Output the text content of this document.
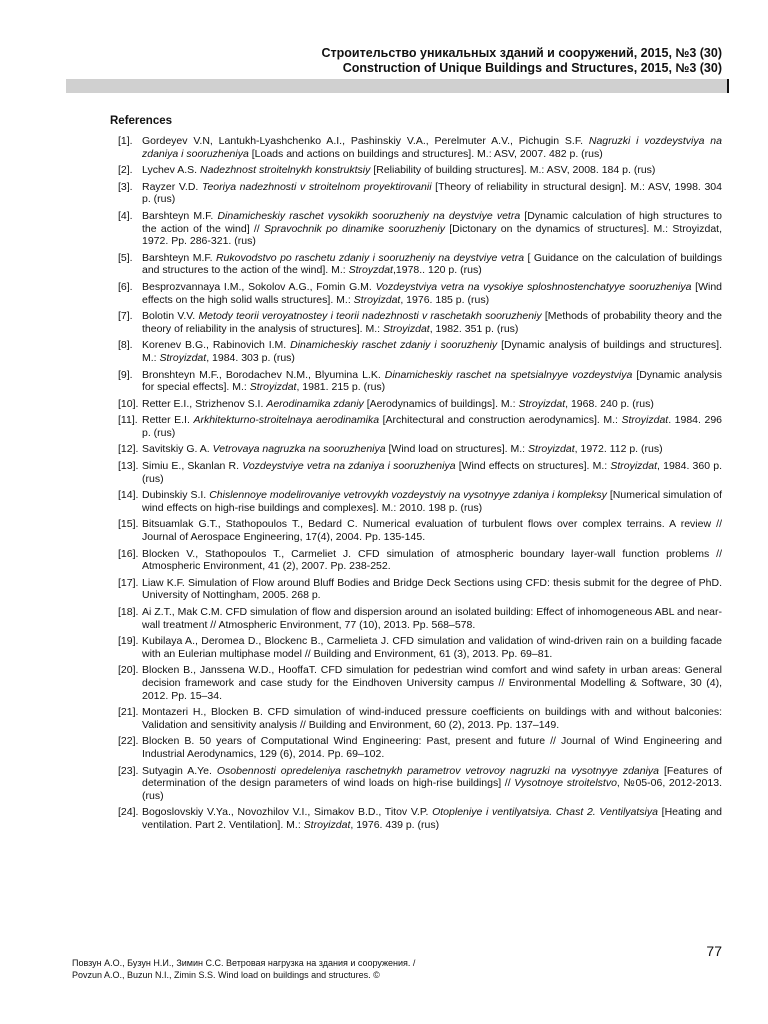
Строительство уникальных зданий и сооружений, 2015, №3 (30)
Construction of Unique Buildings and Structures, 2015, №3 (30)
References
[1]. Gordeyev V.N, Lantukh-Lyashchenko A.I., Pashinskiy V.A., Perelmuter A.V., Pichugin S.F. Nagruzki i vozdeystviya na zdaniya i sooruzheniya [Loads and actions on buildings and structures]. M.: ASV, 2007. 482 p. (rus)
[2]. Lychev A.S. Nadezhnost stroitelnykh konstruktsiy [Reliability of building structures]. M.: ASV, 2008. 184 p. (rus)
[3]. Rayzer V.D. Teoriya nadezhnosti v stroitelnom proyektirovanii [Theory of reliability in structural design]. M.: ASV, 1998. 304 p. (rus)
[4]. Barshteyn M.F. Dinamicheskiy raschet vysokikh sooruzheniy na deystviye vetra [Dynamic calculation of high structures to the action of the wind] // Spravochnik po dinamike sooruzheniy [Dictonary on the dynamics of structures]. M.: Stroyizdat, 1972. Pp. 286-321. (rus)
[5]. Barshteyn M.F. Rukovodstvo po raschetu zdaniy i sooruzheniy na deystviye vetra [ Guidance on the calculation of buildings and structures to the action of the wind]. M.: Stroyzdat,1978.. 120 p. (rus)
[6]. Besprozvannaya I.M., Sokolov A.G., Fomin G.M. Vozdeystviya vetra na vysokiye sploshnostenchatyye sooruzheniya [Wind effects on the high solid walls structures]. M.: Stroyizdat, 1976. 185 p. (rus)
[7]. Bolotin V.V. Metody teorii veroyatnostey i teorii nadezhnosti v raschetakh sooruzheniy [Methods of probability theory and the theory of reliability in the analysis of structures]. M.: Stroyizdat, 1982. 351 p. (rus)
[8]. Korenev B.G., Rabinovich I.M. Dinamicheskiy raschet zdaniy i sooruzheniy [Dynamic analysis of buildings and structures]. M.: Stroyizdat, 1984. 303 p. (rus)
[9]. Bronshteyn M.F., Borodachev N.M., Blyumina L.K. Dinamicheskiy raschet na spetsialnyye vozdeystviya [Dynamic analysis for special effects]. M.: Stroyizdat, 1981. 215 p. (rus)
[10]. Retter E.I., Strizhenov S.I. Aerodinamika zdaniy [Aerodynamics of buildings]. M.: Stroyizdat, 1968. 240 p. (rus)
[11]. Retter E.I. Arkhitekturno-stroitelnaya aerodinamika [Architectural and construction aerodynamics]. M.: Stroyizdat. 1984. 296 p. (rus)
[12]. Savitskiy G. A. Vetrovaya nagruzka na sooruzheniya [Wind load on structures]. M.: Stroyizdat, 1972. 112 p. (rus)
[13]. Simiu E., Skanlan R. Vozdeystviye vetra na zdaniya i sooruzheniya [Wind effects on structures]. M.: Stroyizdat, 1984. 360 p. (rus)
[14]. Dubinskiy S.I. Chislennoye modelirovaniye vetrovykh vozdeystviy na vysotnyye zdaniya i kompleksy [Numerical simulation of wind effects on high-rise buildings and complexes]. M.: 2010. 198 p. (rus)
[15]. Bitsuamlak G.T., Stathopoulos T., Bedard C. Numerical evaluation of turbulent flows over complex terrains. A review // Journal of Aerospace Engineering, 17(4), 2004. Pp. 135-145.
[16]. Blocken V., Stathopoulos T., Carmeliet J. CFD simulation of atmospheric boundary layer-wall function problems // Atmospheric Environment, 41 (2), 2007. Pp. 238-252.
[17]. Liaw K.F. Simulation of Flow around Bluff Bodies and Bridge Deck Sections using CFD: thesis submit for the degree of PhD. University of Nottingham, 2005. 268 p.
[18]. Ai Z.T., Mak C.M. CFD simulation of flow and dispersion around an isolated building: Effect of inhomogeneous ABL and near-wall treatment // Atmospheric Environment, 77 (10), 2013. Pp. 568–578.
[19]. Kubilaya A., Deromea D., Blockenc B., Carmelieta J. CFD simulation and validation of wind-driven rain on a building facade with an Eulerian multiphase model // Building and Environment, 61 (3), 2013. Pp. 69–81.
[20]. Blocken B., Janssena W.D., HooffaT. CFD simulation for pedestrian wind comfort and wind safety in urban areas: General decision framework and case study for the Eindhoven University campus // Environmental Modelling & Software, 30 (4), 2012. Pp. 15–34.
[21]. Montazeri H., Blocken B. CFD simulation of wind-induced pressure coefficients on buildings with and without balconies: Validation and sensitivity analysis // Building and Environment, 60 (2), 2013. Pp. 137–149.
[22]. Blocken B. 50 years of Computational Wind Engineering: Past, present and future // Journal of Wind Engineering and Industrial Aerodynamics, 129 (6), 2014. Pp. 69–102.
[23]. Sutyagin A.Ye. Osobennosti opredeleniya raschetnykh parametrov vetrovoy nagruzki na vysotnyye zdaniya [Features of determination of the design parameters of wind loads on high-rise buildings] // Vysotnoye stroitelstvo, №05-06, 2012-2013. (rus)
[24]. Bogoslovskiy V.Ya., Novozhilov V.I., Simakov B.D., Titov V.P. Otopleniye i ventilyatsiya. Chast 2. Ventilyatsiya [Heating and ventilation. Part 2. Ventilation]. M.: Stroyizdat, 1976. 439 p. (rus)
77
Повзун А.О., Бузун Н.И., Зимин С.С. Ветровая нагрузка на здания и сооружения. /
Povzun A.O., Buzun N.I., Zimin S.S. Wind load on buildings and structures. ©
